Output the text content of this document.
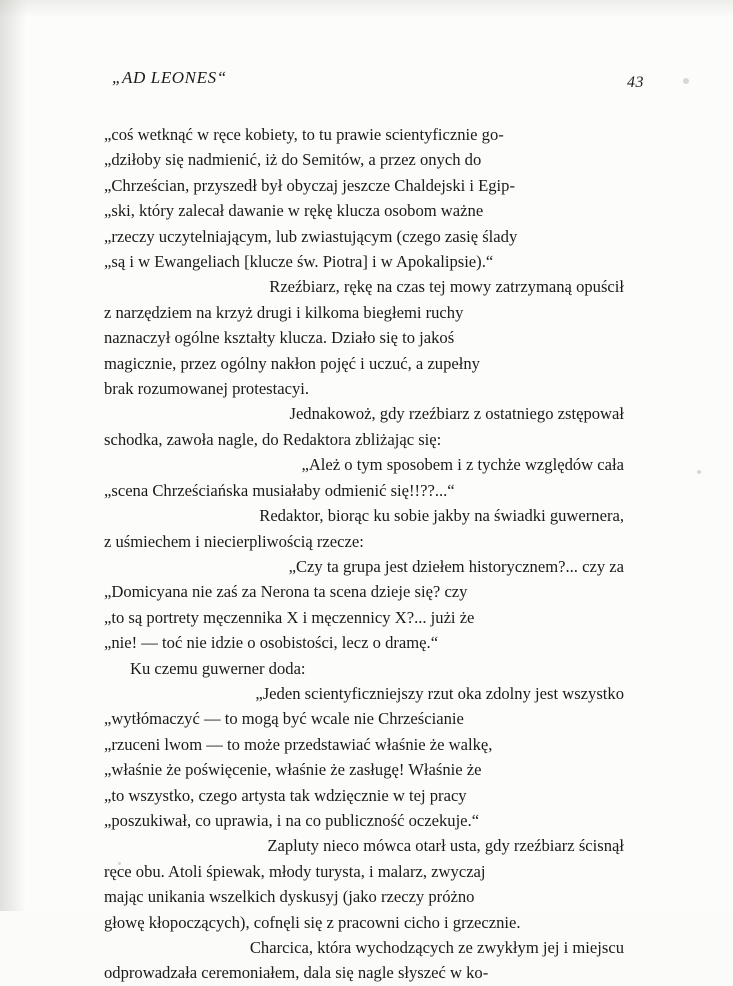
„AD LEONES“	43

„coś wetknąć w ręce kobiety, to tu prawie scientyficznie go-
„dziłoby się nadmienić, iż do Semitów, a przez onych do
„Chrześcian, przyszedł był obyczaj jeszcze Chaldejski i Egip-
„ski, który zalecał dawanie w rękę klucza osobom ważne
„rzeczy uczytelniającym, lub zwiastującym (czego zasię ślady
„są i w Ewangeliach [klucze św. Piotra] i w Apokalipsie).“

Rzeźbiarz, rękę na czas tej mowy zatrzymaną opuścił
z narzędziem na krzyż drugi i kilkoma biegłemi ruchy
naznaczył ogólne kształty klucza. Działo się to jakoś
magicznie, przez ogólny nakłon pojęć i uczuć, a zupełny
brak rozumowanej protestacyi.

Jednakowoż, gdy rzeźbiarz z ostatniego zstępował
schodka, zawoła nagle, do Redaktora zbliżając się:

„Ależ o tym sposobem i z tychże względów cała
„scena Chrześciańska musiałaby odmienić się!!??...“

Redaktor, biorąc ku sobie jakby na świadki guwernera,
z uśmiechem i niecierpliwością rzecze:

„Czy ta grupa jest dziełem historycznem?... czy za
„Domicyana nie zaś za Nerona ta scena dzieje się? czy
„to są portrety męczennika X i męczennicy X?... jużi że
„nie! — toć nie idzie o osobistości, lecz o dramę.“

Ku czemu guwerner doda:

„Jeden scientyficzniejszy rzut oka zdolny jest wszystko
„wytłómaczyć — to mogą być wcale nie Chrześcianie
„rzuceni lwom — to może przedstawiać właśnie że walkę,
„właśnie że poświęcenie, właśnie że zasługę! Właśnie że
„to wszystko, czego artysta tak wdzięcznie w tej pracy
„poszukiwał, co uprawia, i na co publiczność oczekuje.“

Zapluty nieco mówca otarł usta, gdy rzeźbiarz ścisnął
ręce obu. Atoli śpiewak, młody turysta, i malarz, zwyczaj
mając unikania wszelkich dyskusyj (jako rzeczy próżno
głowę kłopoczących), cofnęli się z pracowni cicho i grzecznie.

Charcica, która wychodzących ze zwykłym jej i miejscu
odprowadzała ceremoniałem, dala się nagle słyszeć w ko-
